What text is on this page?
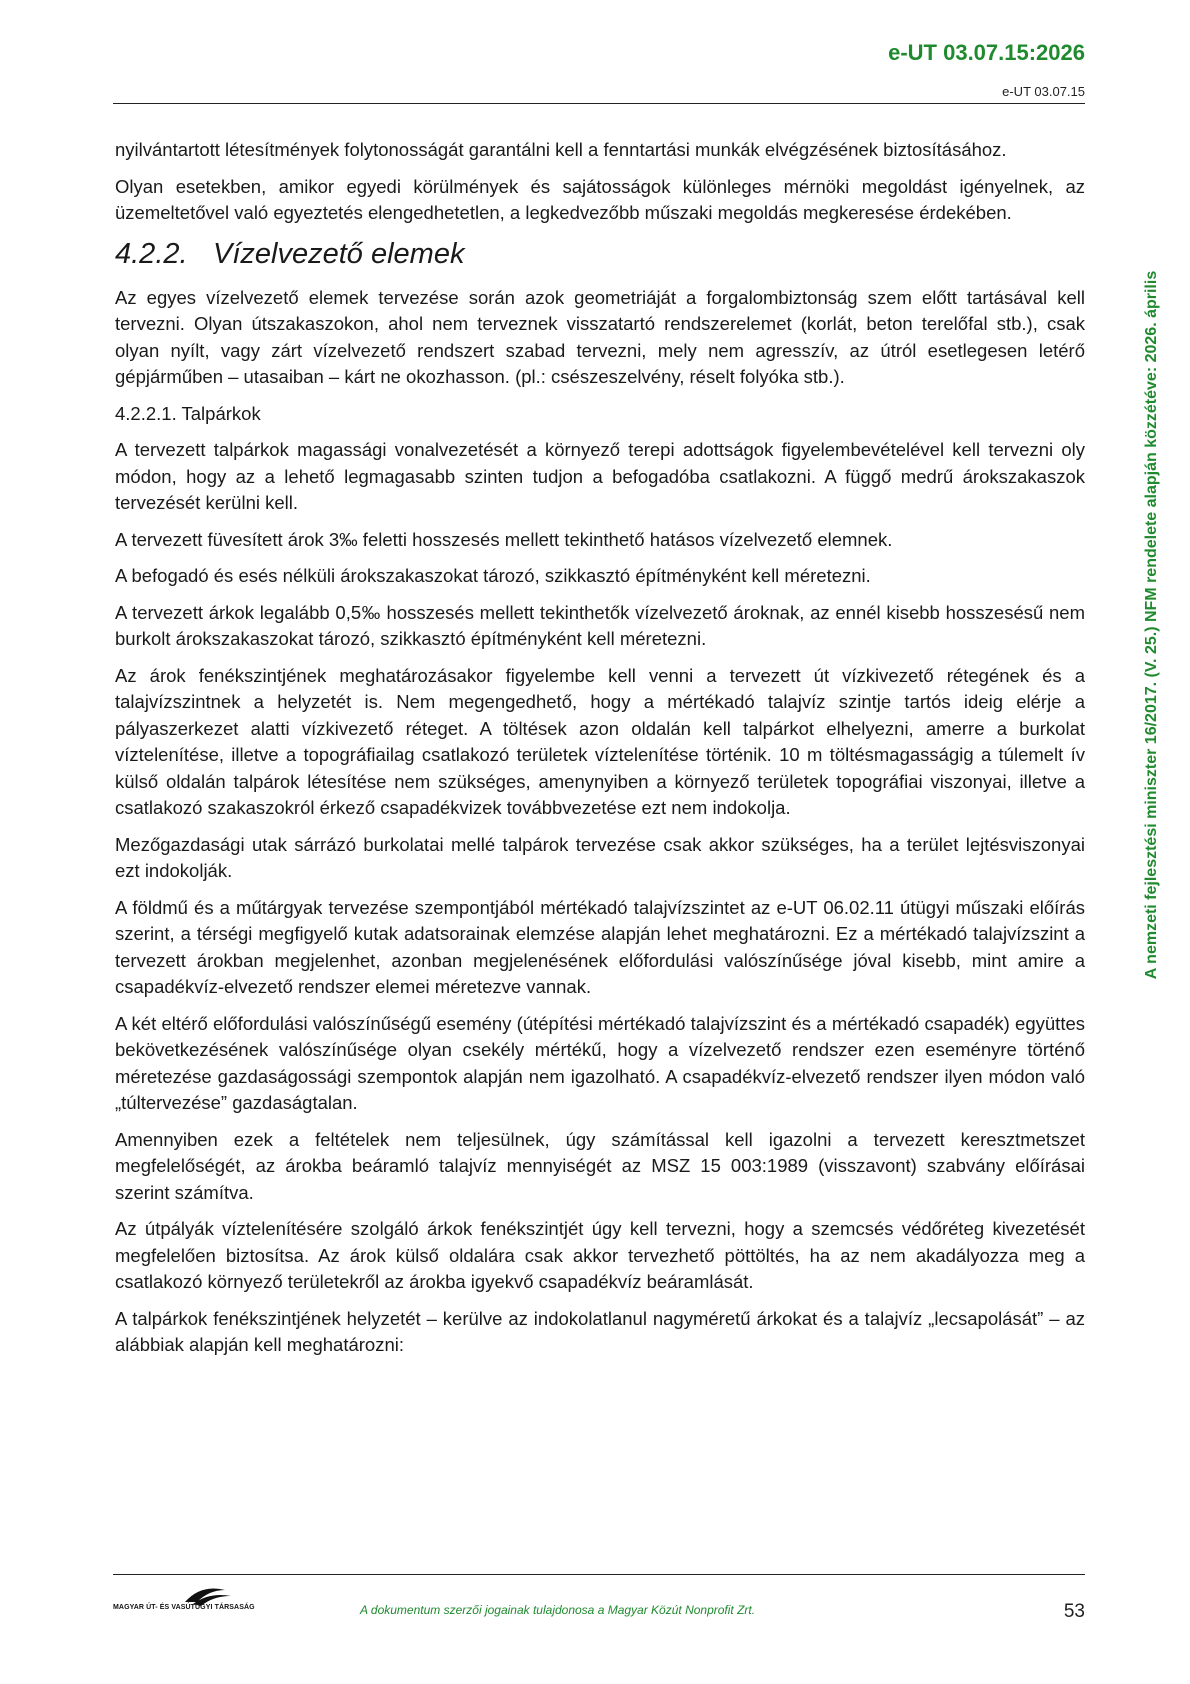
e-UT 03.07.15:2026
e-UT 03.07.15
A nemzeti fejlesztési miniszter 16/2017. (V. 25.) NFM rendelete alapján közzétéve: 2026. április

nyilvántartott létesítmények folytonosságát garantálni kell a fenntartási munkák elvégzésének biztosításához.

Olyan esetekben, amikor egyedi körülmények és sajátosságok különleges mérnöki megoldást igényelnek, az üzemeltetővel való egyeztetés elengedhetetlen, a legkedvezőbb műszaki megoldás megkeresése érdekében.

4.2.2. Vízelvezető elemek

Az egyes vízelvezető elemek tervezése során azok geometriáját a forgalombiztonság szem előtt tartásával kell tervezni. Olyan útszakaszokon, ahol nem terveznek visszatartó rendszerelemet (korlát, beton terelőfal stb.), csak olyan nyílt, vagy zárt vízelvezető rendszert szabad tervezni, mely nem agresszív, az útról esetlegesen letérő gépjárműben – utasaiban – kárt ne okozhasson. (pl.: csészeszelvény, réselt folyóka stb.).

4.2.2.1. Talpárkok

A tervezett talpárkok magassági vonalvezetését a környező terepi adottságok figyelembevételével kell tervezni oly módon, hogy az a lehető legmagasabb szinten tudjon a befogadóba csatlakozni. A függő medrű árokszakaszok tervezését kerülni kell.

A tervezett füvesített árok 3‰ feletti hosszesés mellett tekinthető hatásos vízelvezető elemnek.

A befogadó és esés nélküli árokszakaszokat tározó, szikkasztó építményként kell méretezni.

A tervezett árkok legalább 0,5‰ hosszesés mellett tekinthetők vízelvezető ároknak, az ennél kisebb hosszesésű nem burkolt árokszakaszokat tározó, szikkasztó építményként kell méretezni.

Az árok fenékszintjének meghatározásakor figyelembe kell venni a tervezett út vízkivezető rétegének és a talajvízszintnek a helyzetét is. Nem megengedhető, hogy a mértékadó talajvíz szintje tartós ideig elérje a pályaszerkezet alatti vízkivezető réteget. A töltések azon oldalán kell talpárkot elhelyezni, amerre a burkolat víztelenítése, illetve a topográfiailag csatlakozó területek víztelenítése történik. 10 m töltésmagasságig a túlemelt ív külső oldalán talpárok létesítése nem szükséges, amenynyiben a környező területek topográfiai viszonyai, illetve a csatlakozó szakaszokról érkező csapadékvizek továbbvezetése ezt nem indokolja.

Mezőgazdasági utak sárrázó burkolatai mellé talpárok tervezése csak akkor szükséges, ha a terület lejtésviszonyai ezt indokolják.

A földmű és a műtárgyak tervezése szempontjából mértékadó talajvízszintet az e-UT 06.02.11 útügyi műszaki előírás szerint, a térségi megfigyelő kutak adatsorainak elemzése alapján lehet meghatározni. Ez a mértékadó talajvízszint a tervezett árokban megjelenhet, azonban megjelenésének előfordulási valószínűsége jóval kisebb, mint amire a csapadékvíz-elvezető rendszer elemei méretezve vannak.

A két eltérő előfordulási valószínűségű esemény (útépítési mértékadó talajvízszint és a mértékadó csapadék) együttes bekövetkezésének valószínűsége olyan csekély mértékű, hogy a vízelvezető rendszer ezen eseményre történő méretezése gazdaságossági szempontok alapján nem igazolható. A csapadékvíz-elvezető rendszer ilyen módon való „túltervezése” gazdaságtalan.

Amennyiben ezek a feltételek nem teljesülnek, úgy számítással kell igazolni a tervezett keresztmetszet megfelelőségét, az árokba beáramló talajvíz mennyiségét az MSZ 15 003:1989 (visszavont) szabvány előírásai szerint számítva.

Az útpályák víztelenítésére szolgáló árkok fenékszintjét úgy kell tervezni, hogy a szemcsés védőréteg kivezetését megfelelően biztosítsa. Az árok külső oldalára csak akkor tervezhető pöttöltés, ha az nem akadályozza meg a csatlakozó környező területekről az árokba igyekvő csapadékvíz beáramlását.

A talpárkok fenékszintjének helyzetét – kerülve az indokolatlanul nagyméretű árkokat és a talajvíz „lecsapolását” – az alábbiak alapján kell meghatározni:

MAGYAR ÚT- ÉS VASÚTÜGYI TÁRSASÁG	A dokumentum szerzői jogainak tulajdonosa a Magyar Közút Nonprofit Zrt.	53
